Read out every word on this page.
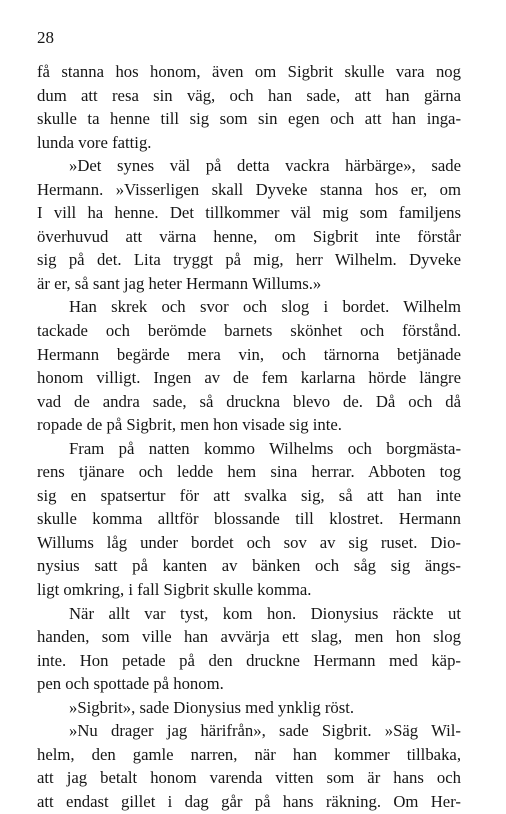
28

få stanna hos honom, även om Sigbrit skulle vara nog
dum att resa sin väg, och han sade, att han gärna
skulle ta henne till sig som sin egen och att han inga-
lunda vore fattig.

»Det synes väl på detta vackra härbärge», sade
Hermann. »Visserligen skall Dyveke stanna hos er, om
I vill ha henne. Det tillkommer väl mig som familjens
överhuvud att värna henne, om Sigbrit inte förstår
sig på det. Lita tryggt på mig, herr Wilhelm. Dyveke
är er, så sant jag heter Hermann Willums.»

Han skrek och svor och slog i bordet. Wilhelm
tackade och berömde barnets skönhet och förstånd.
Hermann begärde mera vin, och tärnorna betjänade
honom villigt. Ingen av de fem karlarna hörde längre
vad de andra sade, så druckna blevo de. Då och då
ropade de på Sigbrit, men hon visade sig inte.

Fram på natten kommo Wilhelms och borgmästa-
rens tjänare och ledde hem sina herrar. Abboten tog
sig en spatsertur för att svalka sig, så att han inte
skulle komma alltför blossande till klostret. Hermann
Willums låg under bordet och sov av sig ruset. Dio-
nysius satt på kanten av bänken och såg sig ängs-
ligt omkring, i fall Sigbrit skulle komma.

När allt var tyst, kom hon. Dionysius räckte ut
handen, som ville han avvärja ett slag, men hon slog
inte. Hon petade på den druckne Hermann med käp-
pen och spottade på honom.

»Sigbrit», sade Dionysius med ynklig röst.

»Nu drager jag härifrån», sade Sigbrit. »Säg Wil-
helm, den gamle narren, när han kommer tillbaka,
att jag betalt honom varenda vitten som är hans och
att endast gillet i dag går på hans räkning. Om Her-
